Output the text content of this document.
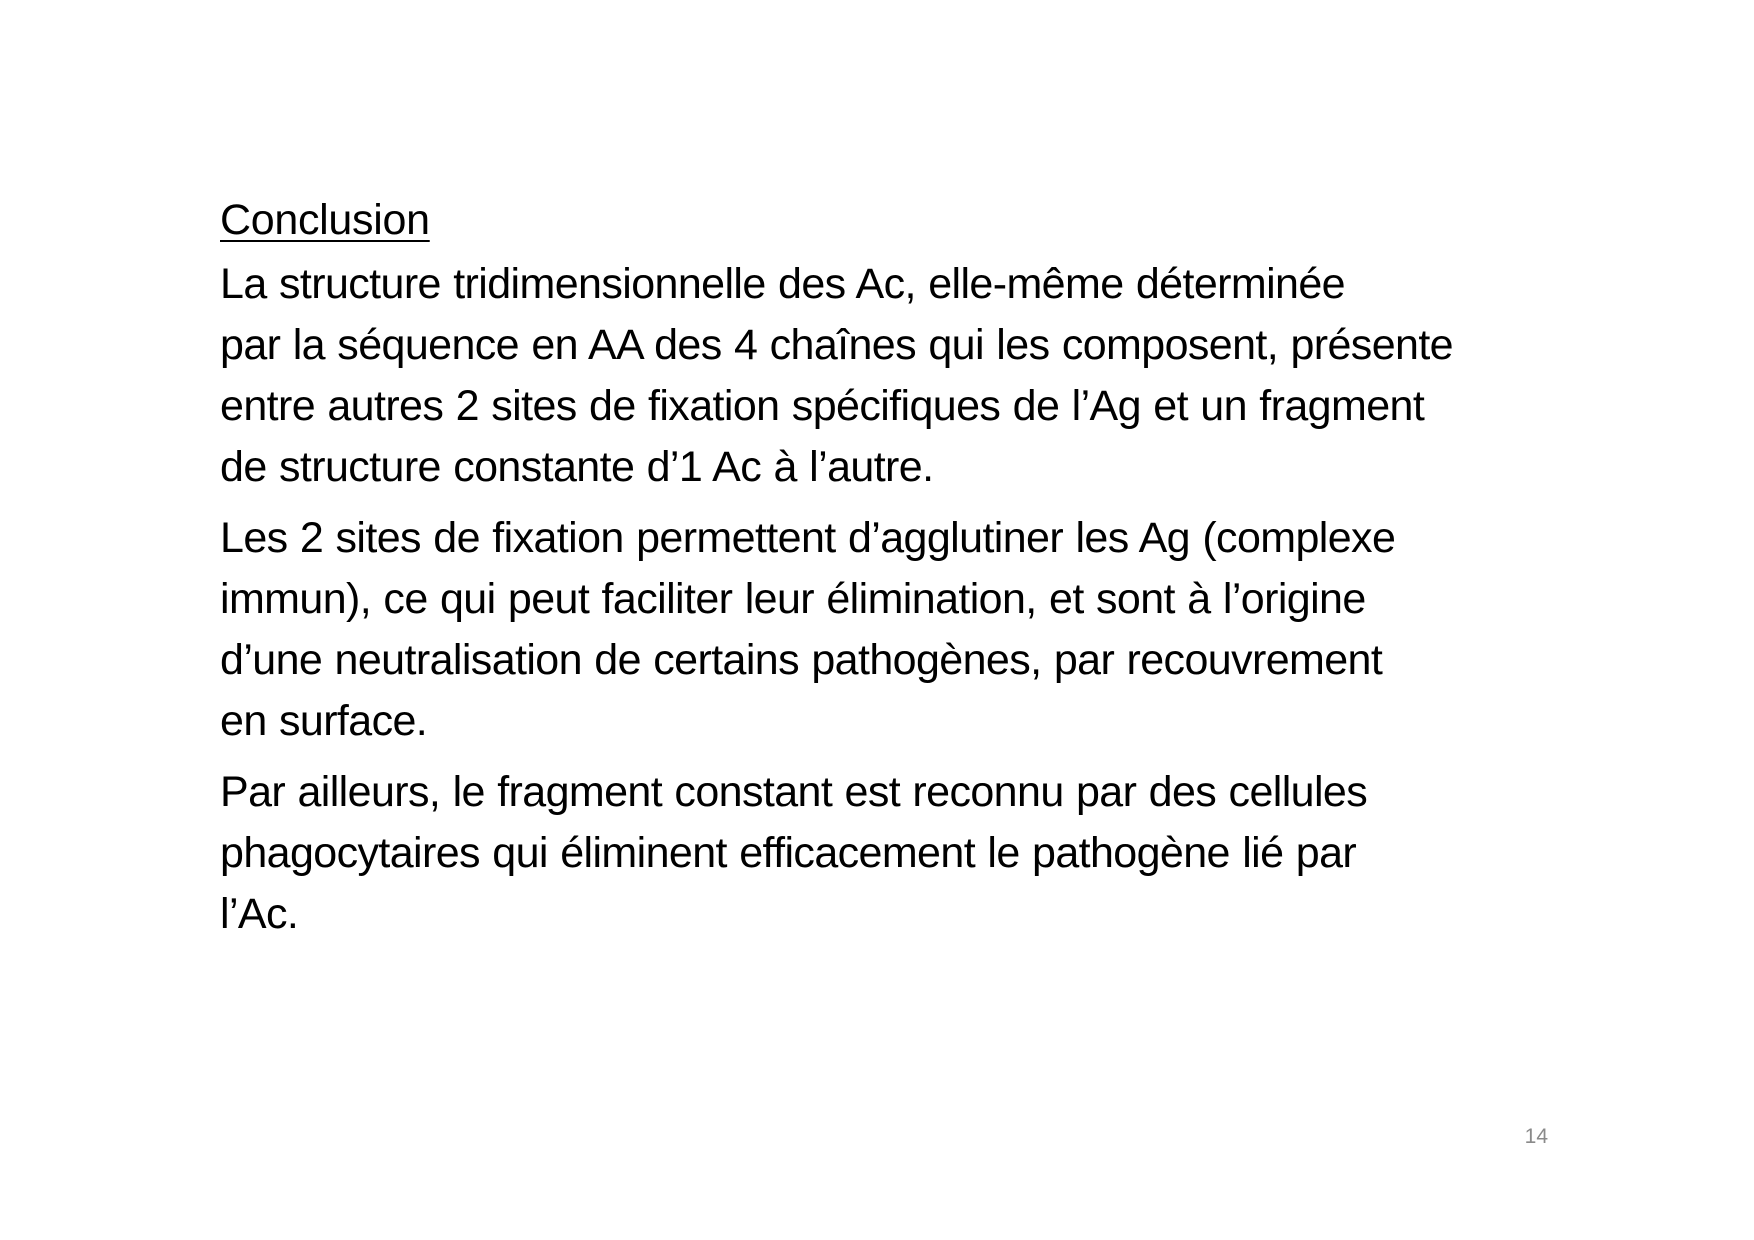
Conclusion

La structure tridimensionnelle des Ac, elle-même déterminée
par la séquence en AA des 4 chaînes qui les composent, présente
entre autres 2 sites de fixation spécifiques de l’Ag et un fragment
de structure constante d’1 Ac à l’autre.

Les 2 sites de fixation permettent d’agglutiner les Ag (complexe
immun), ce qui peut faciliter leur élimination, et sont à l’origine
d’une neutralisation de certains pathogènes, par recouvrement
en surface.

Par ailleurs, le fragment constant est reconnu par des cellules
phagocytaires qui éliminent efficacement le pathogène lié par
l’Ac.

14
